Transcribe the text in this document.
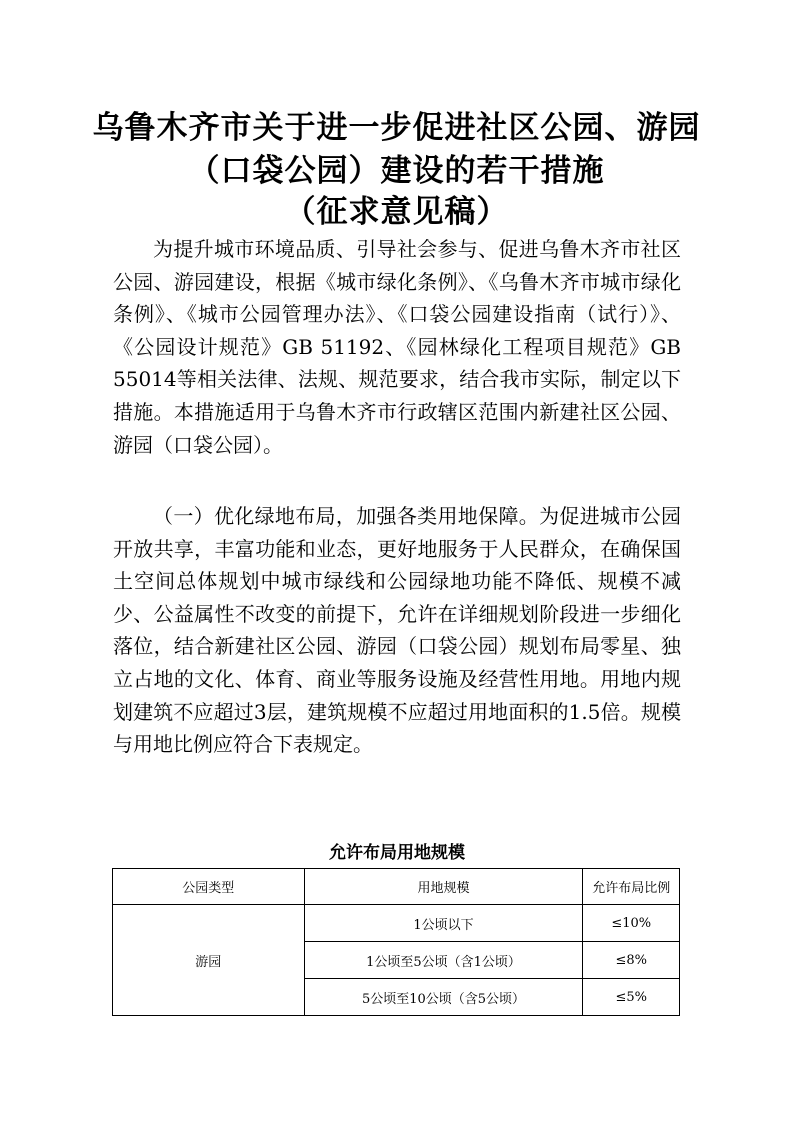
乌鲁木齐市关于进一步促进社区公园、游园
（口袋公园）建设的若干措施
（征求意见稿）

为提升城市环境品质、引导社会参与、促进乌鲁木齐市社区公园、游园建设，根据《城市绿化条例》、《乌鲁木齐市城市绿化条例》、《城市公园管理办法》、《口袋公园建设指南（试行）》、《公园设计规范》GB 51192、《园林绿化工程项目规范》GB 55014等相关法律、法规、规范要求，结合我市实际，制定以下措施。本措施适用于乌鲁木齐市行政辖区范围内新建社区公园、游园（口袋公园）。

（一）优化绿地布局，加强各类用地保障。为促进城市公园开放共享，丰富功能和业态，更好地服务于人民群众，在确保国土空间总体规划中城市绿线和公园绿地功能不降低、规模不减少、公益属性不改变的前提下，允许在详细规划阶段进一步细化落位，结合新建社区公园、游园（口袋公园）规划布局零星、独立占地的文化、体育、商业等服务设施及经营性用地。用地内规划建筑不应超过3层，建筑规模不应超过用地面积的1.5倍。规模与用地比例应符合下表规定。

允许布局用地规模

公园类型	用地规模	允许布局比例
游园	1公顷以下	≤10%
	1公顷至5公顷（含1公顷）	≤8%
	5公顷至10公顷（含5公顷）	≤5%
